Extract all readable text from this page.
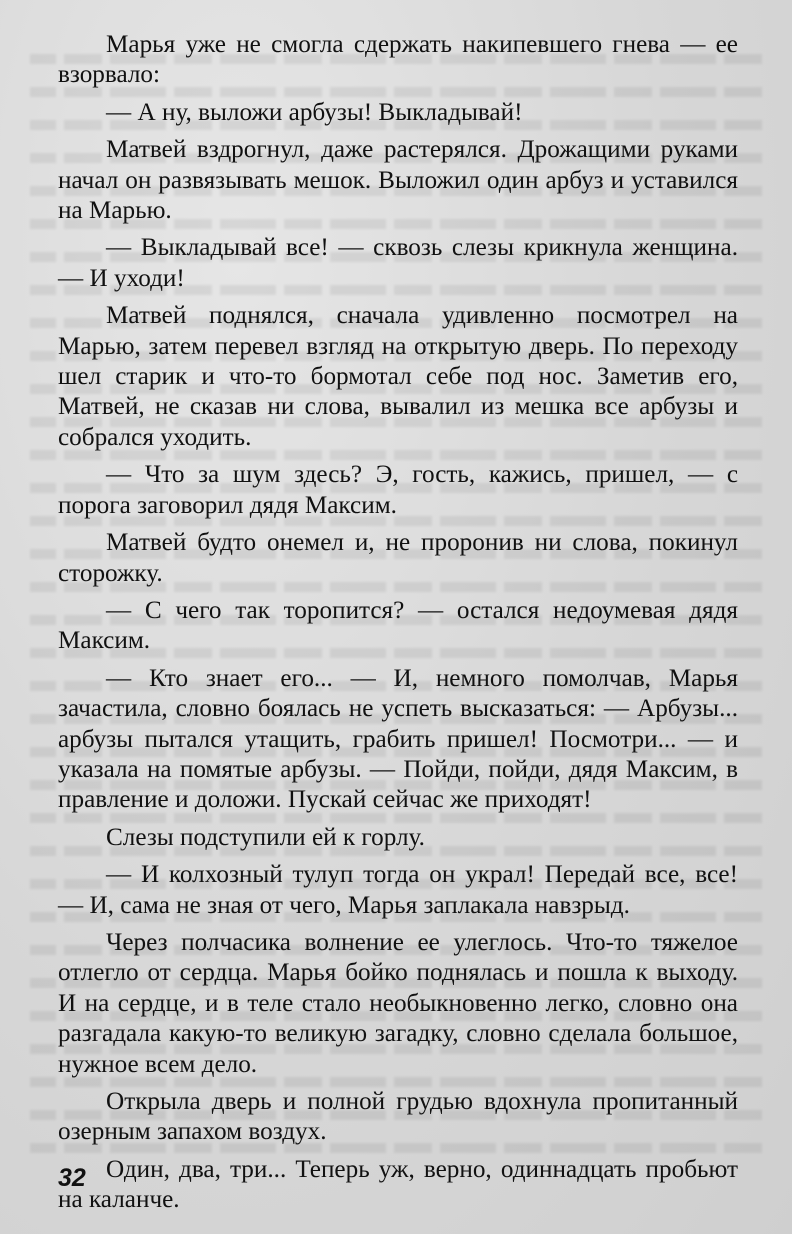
Марья уже не смогла сдержать накипевшего гнева — ее взорвало:

— А ну, выложи арбузы! Выкладывай!

Матвей вздрогнул, даже растерялся. Дрожащими руками начал он развязывать мешок. Выложил один арбуз и уставился на Марью.

— Выкладывай все! — сквозь слезы крикнула женщина. — И уходи!

Матвей поднялся, сначала удивленно посмотрел на Марью, затем перевел взгляд на открытую дверь. По переходу шел старик и что-то бормотал себе под нос. Заметив его, Матвей, не сказав ни слова, вывалил из мешка все арбузы и собрался уходить.

— Что за шум здесь? Э, гость, кажись, пришел, — с порога заговорил дядя Максим.

Матвей будто онемел и, не проронив ни слова, покинул сторожку.

— С чего так торопится? — остался недоумевая дядя Максим.

— Кто знает его... — И, немного помолчав, Марья зачастила, словно боялась не успеть высказаться: — Арбузы... арбузы пытался утащить, грабить пришел! Посмотри... — и указала на помятые арбузы. — Пойди, пойди, дядя Максим, в правление и доложи. Пускай сейчас же приходят!

Слезы подступили ей к горлу.

— И колхозный тулуп тогда он украл! Передай все, все! — И, сама не зная от чего, Марья заплакала навзрыд.

Через полчасика волнение ее улеглось. Что-то тяжелое отлегло от сердца. Марья бойко поднялась и пошла к выходу. И на сердце, и в теле стало необыкновенно легко, словно она разгадала какую-то великую загадку, словно сделала большое, нужное всем дело.

Открыла дверь и полной грудью вдохнула пропитанный озерным запахом воздух.

Один, два, три... Теперь уж, верно, одиннадцать пробьют на каланче.

32
